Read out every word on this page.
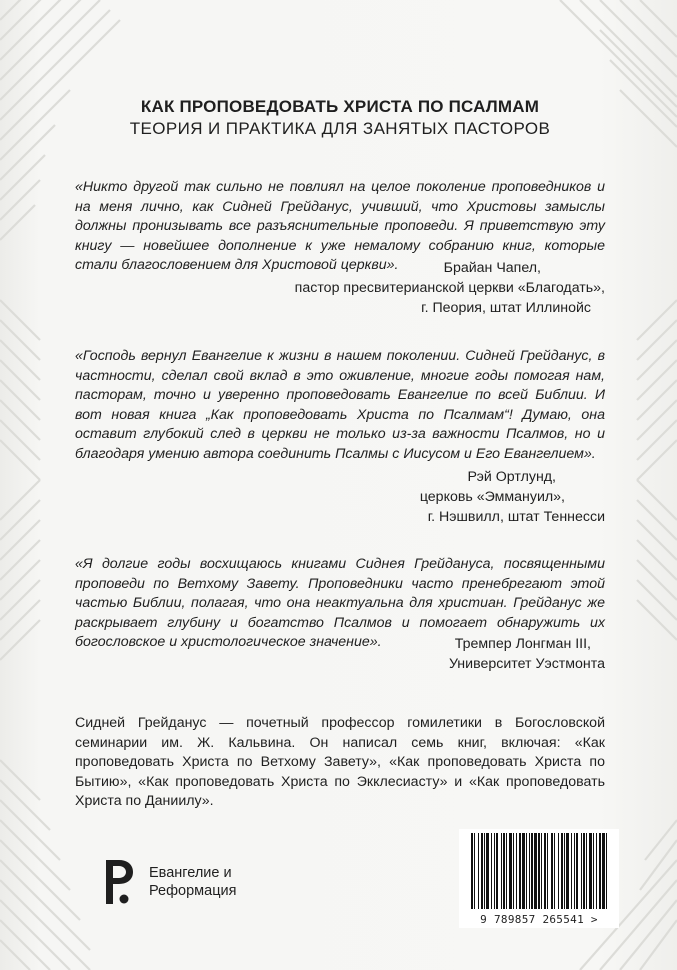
КАК ПРОПОВЕДОВАТЬ ХРИСТА ПО ПСАЛМАМ
ТЕОРИЯ И ПРАКТИКА ДЛЯ ЗАНЯТЫХ ПАСТОРОВ
«Никто другой так сильно не повлиял на целое поколение проповедников и на меня лично, как Сидней Грейданус, учивший, что Христовы замыслы должны пронизывать все разъяснительные проповеди. Я приветствую эту книгу — новейшее дополнение к уже немалому собранию книг, которые стали благословением для Христовой церкви».	Брайан Чапел,
пастор пресвитерианской церкви «Благодать»,
г. Пеория, штат Иллинойс
«Господь вернул Евангелие к жизни в нашем поколении. Сидней Грейданус, в частности, сделал свой вклад в это оживление, многие годы помогая нам, пасторам, точно и уверенно проповедовать Евангелие по всей Библии. И вот новая книга „Как проповедовать Христа по Псалмам“! Думаю, она оставит глубокий след в церкви не только из-за важности Псалмов, но и благодаря умению автора соединить Псалмы с Иисусом и Его Евангелием».
Рэй Ортлунд,
церковь «Эммануил»,
г. Нэшвилл, штат Теннесси
«Я долгие годы восхищаюсь книгами Сиднея Грейдануса, посвященными проповеди по Ветхому Завету. Проповедники часто пренебрегают этой частью Библии, полагая, что она неактуальна для христиан. Грейданус же раскрывает глубину и богатство Псалмов и помогает обнаружить их богословское и христологическое значение».	Тремпер Лонгман III,
Университет Уэстмонта
Сидней Грейданус — почетный профессор гомилетики в Богословской семинарии им. Ж. Кальвина. Он написал семь книг, включая: «Как проповедовать Христа по Ветхому Завету», «Как проповедовать Христа по Бытию», «Как проповедовать Христа по Экклесиасту» и «Как проповедовать Христа по Даниилу».
Евангелие и
Реформация
9 789857 265541 >
